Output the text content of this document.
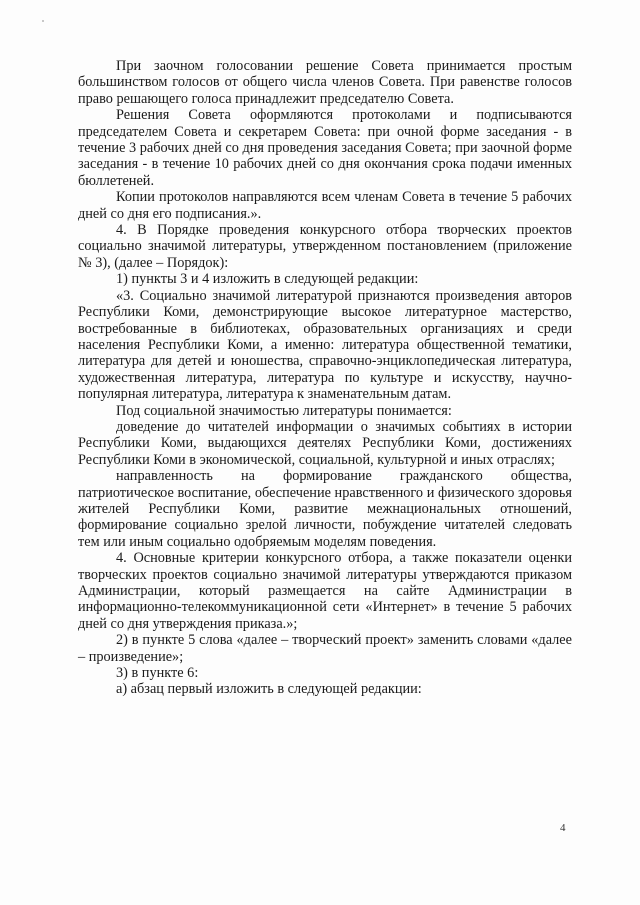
При заочном голосовании решение Совета принимается простым большинством голосов от общего числа членов Совета. При равенстве голосов право решающего голоса принадлежит председателю Совета.

Решения Совета оформляются протоколами и подписываются председателем Совета и секретарем Совета: при очной форме заседания - в течение 3 рабочих дней со дня проведения заседания Совета; при заочной форме заседания - в течение 10 рабочих дней со дня окончания срока подачи именных бюллетеней.

Копии протоколов направляются всем членам Совета в течение 5 рабочих дней со дня его подписания.».

4. В Порядке проведения конкурсного отбора творческих проектов социально значимой литературы, утвержденном постановлением (приложение № 3), (далее – Порядок):

1) пункты 3 и 4 изложить в следующей редакции:

«3. Социально значимой литературой признаются произведения авторов Республики Коми, демонстрирующие высокое литературное мастерство, востребованные в библиотеках, образовательных организациях и среди населения Республики Коми, а именно: литература общественной тематики, литература для детей и юношества, справочно-энциклопедическая литература, художественная литература, литература по культуре и искусству, научно-популярная литература, литература к знаменательным датам.

Под социальной значимостью литературы понимается:

доведение до читателей информации о значимых событиях в истории Республики Коми, выдающихся деятелях Республики Коми, достижениях Республики Коми в экономической, социальной, культурной и иных отраслях;

направленность на формирование гражданского общества, патриотическое воспитание, обеспечение нравственного и физического здоровья жителей Республики Коми, развитие межнациональных отношений, формирование социально зрелой личности, побуждение читателей следовать тем или иным социально одобряемым моделям поведения.

4. Основные критерии конкурсного отбора, а также показатели оценки творческих проектов социально значимой литературы утверждаются приказом Администрации, который размещается на сайте Администрации в информационно-телекоммуникационной сети «Интернет» в течение 5 рабочих дней со дня утверждения приказа.»;

2) в пункте 5 слова «далее – творческий проект» заменить словами «далее – произведение»;

3) в пункте 6:

а) абзац первый изложить в следующей редакции:

4
